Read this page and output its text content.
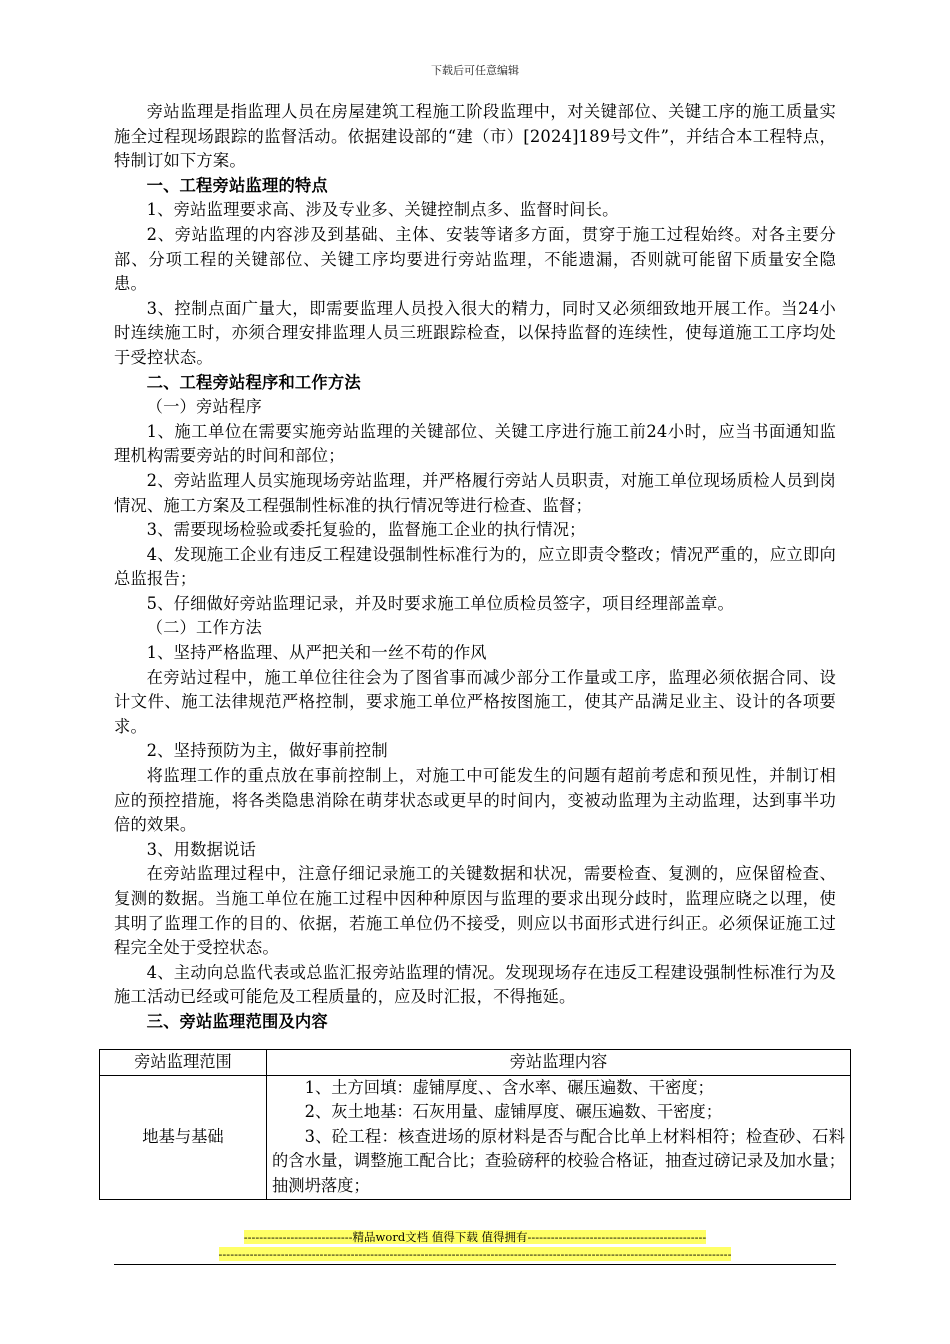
下载后可任意编辑

旁站监理是指监理人员在房屋建筑工程施工阶段监理中，对关键部位、关键工序的施工质量实施全过程现场跟踪的监督活动。依据建设部的“建（市）[2024]189号文件”，并结合本工程特点，特制订如下方案。

一、工程旁站监理的特点

1、旁站监理要求高、涉及专业多、关键控制点多、监督时间长。

2、旁站监理的内容涉及到基础、主体、安装等诸多方面，贯穿于施工过程始终。对各主要分部、分项工程的关键部位、关键工序均要进行旁站监理，不能遗漏，否则就可能留下质量安全隐患。

3、控制点面广量大，即需要监理人员投入很大的精力，同时又必须细致地开展工作。当24小时连续施工时，亦须合理安排监理人员三班跟踪检查，以保持监督的连续性，使每道施工工序均处于受控状态。

二、工程旁站程序和工作方法

（一）旁站程序

1、施工单位在需要实施旁站监理的关键部位、关键工序进行施工前24小时，应当书面通知监理机构需要旁站的时间和部位；

2、旁站监理人员实施现场旁站监理，并严格履行旁站人员职责，对施工单位现场质检人员到岗情况、施工方案及工程强制性标准的执行情况等进行检查、监督；

3、需要现场检验或委托复验的，监督施工企业的执行情况；

4、发现施工企业有违反工程建设强制性标准行为的，应立即责令整改；情况严重的，应立即向总监报告；

5、仔细做好旁站监理记录，并及时要求施工单位质检员签字，项目经理部盖章。

（二）工作方法

1、坚持严格监理、从严把关和一丝不苟的作风

在旁站过程中，施工单位往往会为了图省事而减少部分工作量或工序，监理必须依据合同、设计文件、施工法律规范严格控制，要求施工单位严格按图施工，使其产品满足业主、设计的各项要求。

2、坚持预防为主，做好事前控制

将监理工作的重点放在事前控制上，对施工中可能发生的问题有超前考虑和预见性，并制订相应的预控措施，将各类隐患消除在萌芽状态或更早的时间内，变被动监理为主动监理，达到事半功倍的效果。

3、用数据说话

在旁站监理过程中，注意仔细记录施工的关键数据和状况，需要检查、复测的，应保留检查、复测的数据。当施工单位在施工过程中因种种原因与监理的要求出现分歧时，监理应晓之以理，使其明了监理工作的目的、依据，若施工单位仍不接受，则应以书面形式进行纠正。必须保证施工过程完全处于受控状态。

4、主动向总监代表或总监汇报旁站监理的情况。发现现场存在违反工程建设强制性标准行为及施工活动已经或可能危及工程质量的，应及时汇报，不得拖延。

三、旁站监理范围及内容

旁站监理范围	旁站监理内容
地基与基础	1、土方回填：虚铺厚度、、含水率、碾压遍数、干密度；

2、灰土地基：石灰用量、虚铺厚度、碾压遍数、干密度；

3、砼工程：核查进场的原材料是否与配合比单上材料相符；检查砂、石料的含水量，调整施工配合比；查验磅秤的校验合格证，抽查过磅记录及加水量；抽测坍落度；

----------------------------精品word文档 值得下载 值得拥有----------------------------------------------
------------------------------------------------------------------------------------------------------------------------------------
